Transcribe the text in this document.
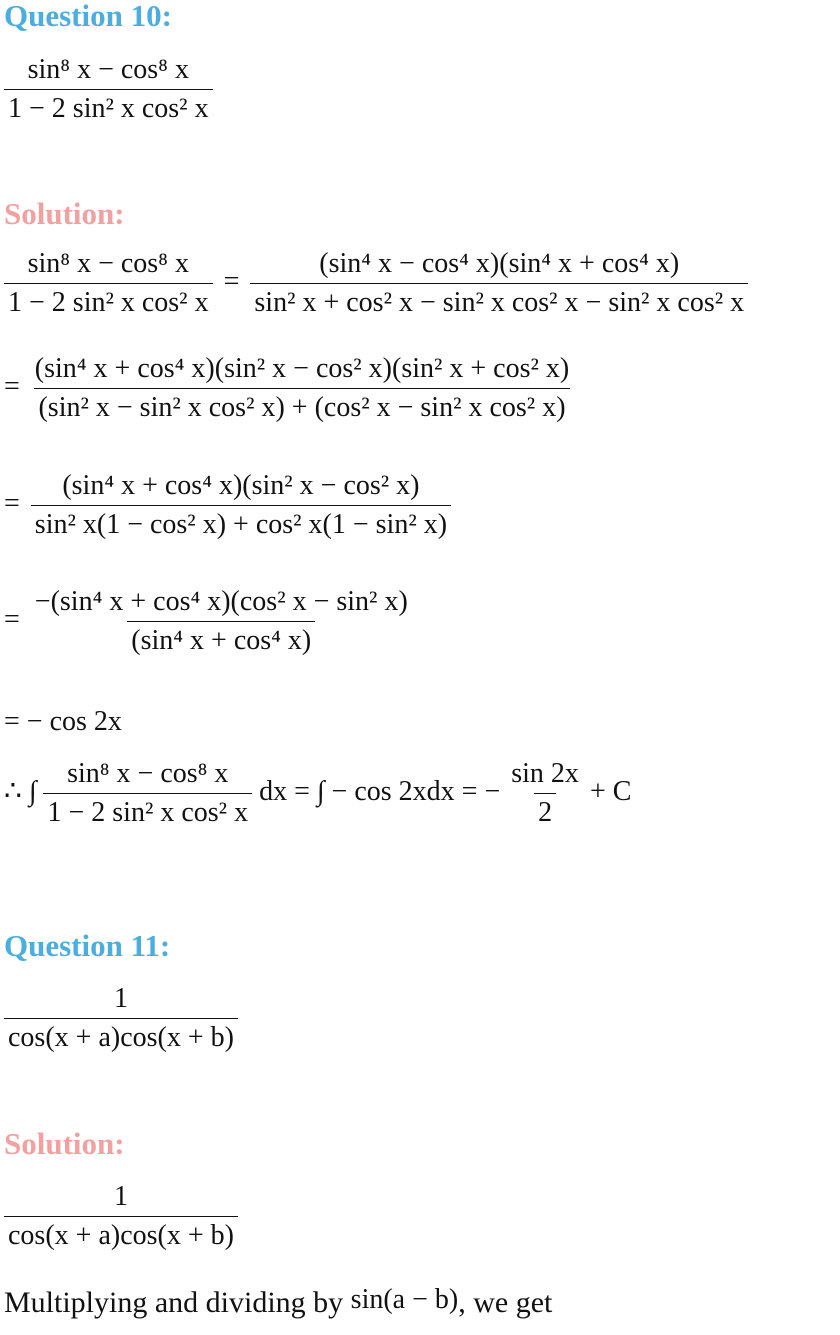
Question 10:
$\frac{\text{sin⁸ x − cos⁸ x}}{\text{1 − 2 sin² x cos² x}}$
Solution:
$\frac{\text{sin⁸ x − cos⁸ x}}{\text{1 − 2 sin² x cos² x}} = \frac{\text{(sin⁴ x − cos⁴ x)(sin⁴ x + cos⁴ x)}}{\text{sin² x + cos² x − sin² x cos² x − sin² x cos² x}}$
= $\frac{\text{(sin⁴ x + cos⁴ x)(sin² x − cos² x)(sin² x + cos² x)}}{\text{(sin² x − sin² x cos² x) + (cos² x − sin² x cos² x)}}$
= $\frac{\text{(sin⁴ x + cos⁴ x)(sin² x − cos² x)}}{\text{sin² x(1 − cos² x) + cos² x(1 − sin² x)}}$
= $\frac{\text{−(sin⁴ x + cos⁴ x)(cos² x − sin² x)}}{\text{(sin⁴ x + cos⁴ x)}}$
= − cos 2x
∴ ∫ $\frac{\text{sin⁸ x − cos⁸ x}}{\text{1 − 2 sin² x cos² x}}$ dx = ∫ − cos 2xdx = − $\frac{\sin 2x}{2} + C$
Question 11:
$\frac{1}{\cos(x + a)\cos(x + b)}$
Solution:
$\frac{1}{\cos(x + a)\cos(x + b)}$
Multiplying and dividing by sin(a − b), we get
